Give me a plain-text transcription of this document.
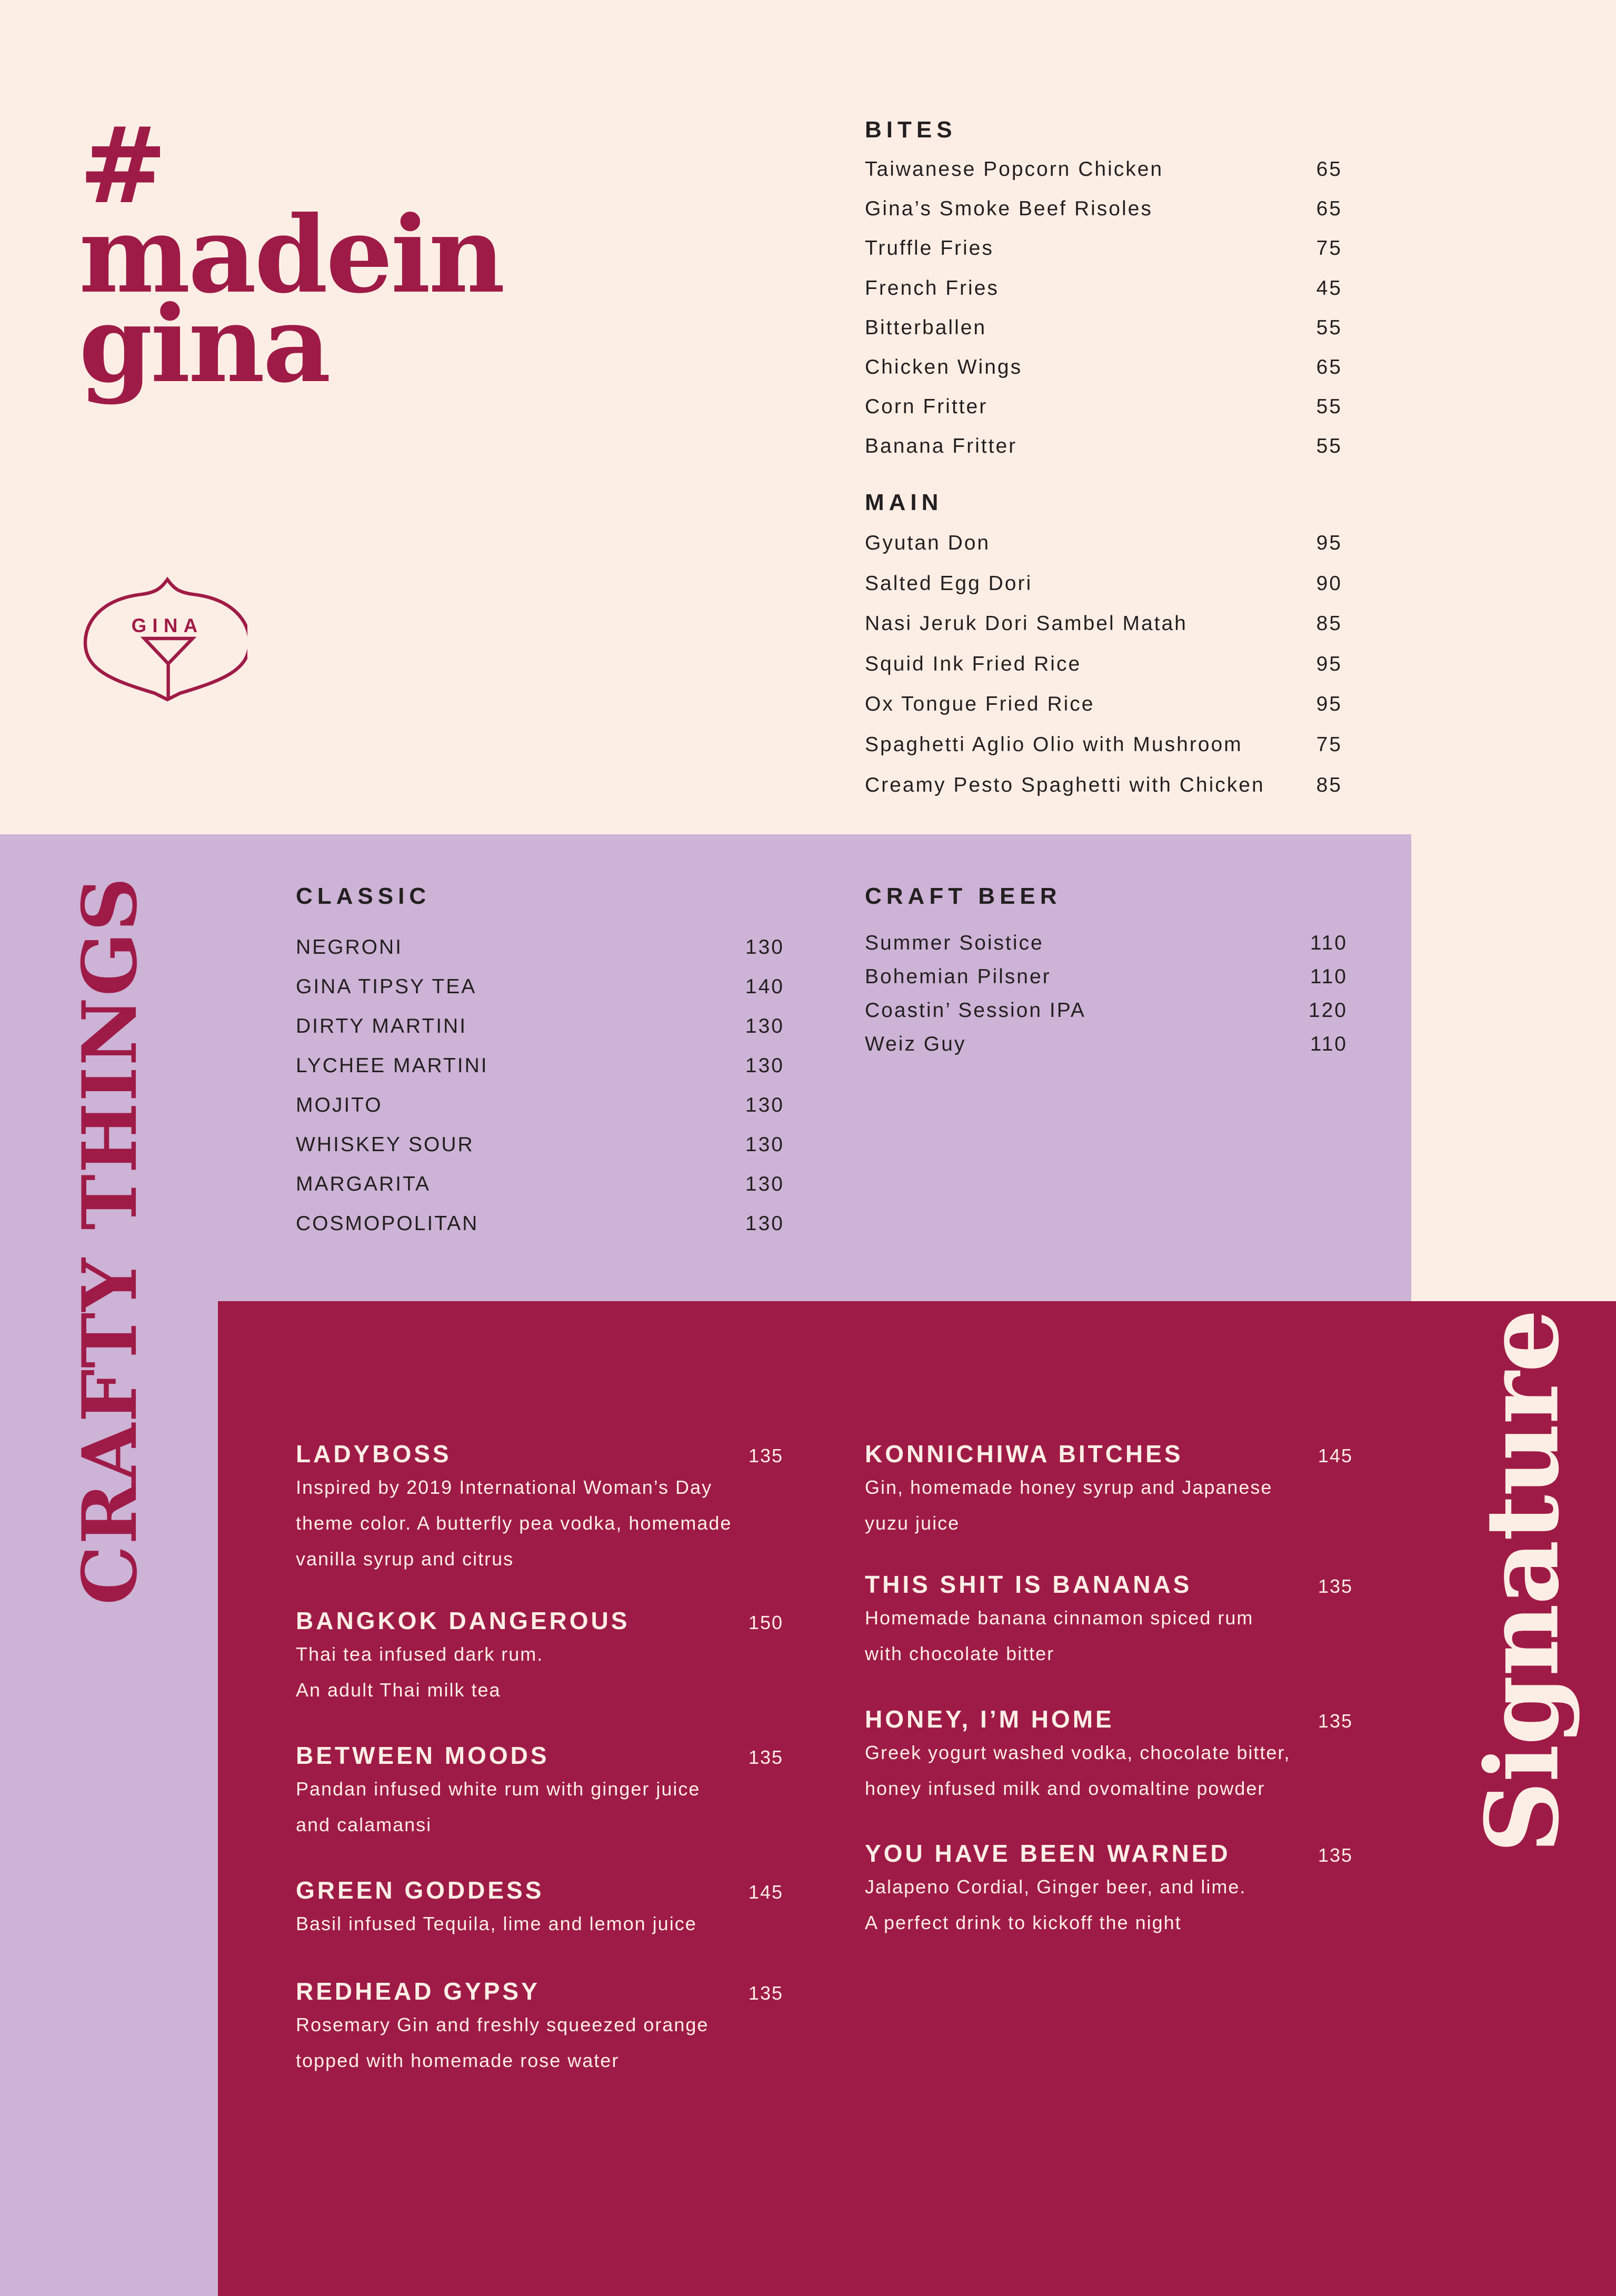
#
madein
gina
GINA
CRAFTY THINGS	Signature
BITES
Taiwanese Popcorn Chicken	65
Gina’s Smoke Beef Risoles	65
Truffle Fries	75
French Fries	45
Bitterballen	55
Chicken Wings	65
Corn Fritter	55
Banana Fritter	55
MAIN
Gyutan Don	95
Salted Egg Dori	90
Nasi Jeruk Dori Sambel Matah	85
Squid Ink Fried Rice	95
Ox Tongue Fried Rice	95
Spaghetti Aglio Olio with Mushroom	75
Creamy Pesto Spaghetti with Chicken	85
CLASSIC
NEGRONI	130
GINA TIPSY TEA	140
DIRTY MARTINI	130
LYCHEE MARTINI	130
MOJITO	130
WHISKEY SOUR	130
MARGARITA	130
COSMOPOLITAN	130
CRAFT BEER
Summer Soistice	110
Bohemian Pilsner	110
Coastin’ Session IPA	120
Weiz Guy	110
LADYBOSS	135
Inspired by 2019 International Woman’s Day
theme color. A butterfly pea vodka, homemade
vanilla syrup and citrus
BANGKOK DANGEROUS	150
Thai tea infused dark rum.
An adult Thai milk tea
BETWEEN MOODS	135
Pandan infused white rum with ginger juice
and calamansi
GREEN GODDESS	145
Basil infused Tequila, lime and lemon juice
REDHEAD GYPSY	135
Rosemary Gin and freshly squeezed orange
topped with homemade rose water
KONNICHIWA BITCHES	145
Gin, homemade honey syrup and Japanese
yuzu juice
THIS SHIT IS BANANAS	135
Homemade banana cinnamon spiced rum
with chocolate bitter
HONEY, I’M HOME	135
Greek yogurt washed vodka, chocolate bitter,
honey infused milk and ovomaltine powder
YOU HAVE BEEN WARNED	135
Jalapeno Cordial, Ginger beer, and lime.
A perfect drink to kickoff the night
